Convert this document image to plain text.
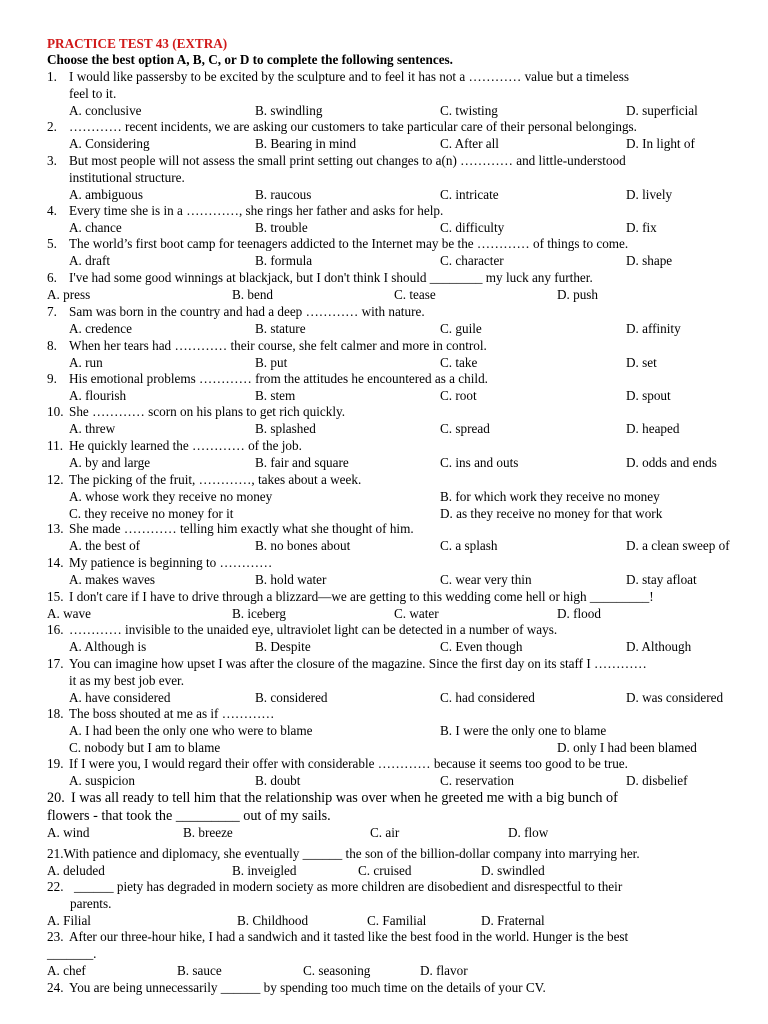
PRACTICE TEST 43 (EXTRA)
Choose the best option A, B, C, or D to complete the following sentences.
1. I would like passersby to be excited by the sculpture and to feel it has not a ………… value but a timeless
feel to it.
A. conclusive	B. swindling	C. twisting	D. superficial
2. ………… recent incidents, we are asking our customers to take particular care of their personal belongings.
A. Considering	B. Bearing in mind	C. After all	D. In light of
3. But most people will not assess the small print setting out changes to a(n) ………… and little-understood
institutional structure.
A. ambiguous	B. raucous	C. intricate	D. lively
4. Every time she is in a …………, she rings her father and asks for help.
A. chance	B. trouble	C. difficulty	D. fix
5. The world’s first boot camp for teenagers addicted to the Internet may be the ………… of things to come.
A. draft	B. formula	C. character	D. shape
6. I've had some good winnings at blackjack, but I don't think I should ________ my luck any further.
A. press	B. bend	C. tease	D. push
7. Sam was born in the country and had a deep ………… with nature.
A. credence	B. stature	C. guile	D. affinity
8. When her tears had ………… their course, she felt calmer and more in control.
A. run	B. put	C. take	D. set
9. His emotional problems ………… from the attitudes he encountered as a child.
A. flourish	B. stem	C. root	D. spout
10. She ………… scorn on his plans to get rich quickly.
A. threw	B. splashed	C. spread	D. heaped
11. He quickly learned the ………… of the job.
A. by and large	B. fair and square	C. ins and outs	D. odds and ends
12. The picking of the fruit, …………, takes about a week.
A. whose work they receive no money	B. for which work they receive no money
C. they receive no money for it	D. as they receive no money for that work
13. She made ………… telling him exactly what she thought of him.
A. the best of	B. no bones about	C. a splash	D. a clean sweep of
14. My patience is beginning to …………
A. makes waves	B. hold water	C. wear very thin	D. stay afloat
15. I don't care if I have to drive through a blizzard—we are getting to this wedding come hell or high _________!
A. wave	B. iceberg	C. water	D. flood
16. ………… invisible to the unaided eye, ultraviolet light can be detected in a number of ways.
A. Although is	B. Despite	C. Even though	D. Although
17. You can imagine how upset I was after the closure of the magazine. Since the first day on its staff I …………
it as my best job ever.
A. have considered	B. considered	C. had considered	D. was considered
18. The boss shouted at me as if …………
A. I had been the only one who were to blame	B. I were the only one to blame
C. nobody but I am to blame	D. only I had been blamed
19. If I were you, I would regard their offer with considerable ………… because it seems too good to be true.
A. suspicion	B. doubt	C. reservation	D. disbelief
20. I was all ready to tell him that the relationship was over when he greeted me with a big bunch of
flowers - that took the _________ out of my sails.
A. wind	B. breeze	C. air	D. flow
21.With patience and diplomacy, she eventually ______ the son of the billion-dollar company into marrying her.
A. deluded	B. inveigled	C. cruised	D. swindled
22. ______ piety has degraded in modern society as more children are disobedient and disrespectful to their
parents.
A. Filial	B. Childhood	C. Familial	D. Fraternal
23. After our three-hour hike, I had a sandwich and it tasted like the best food in the world. Hunger is the best
_______.
A. chef	B. sauce	C. seasoning	D. flavor
24. You are being unnecessarily ______ by spending too much time on the details of your CV.
